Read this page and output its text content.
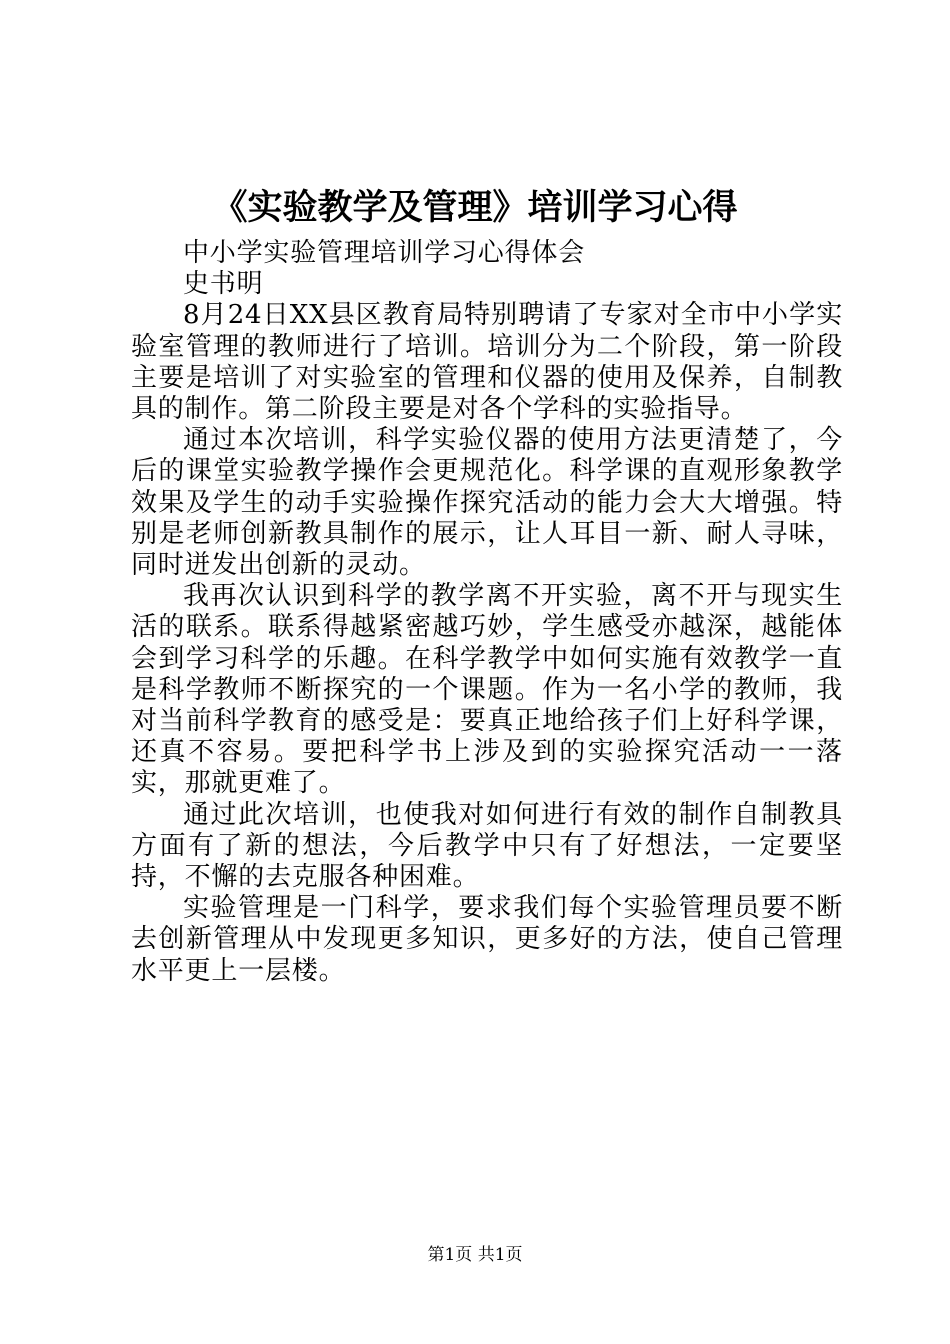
《实验教学及管理》培训学习心得

中小学实验管理培训学习心得体会

史书明

8月24日XX县区教育局特别聘请了专家对全市中小学实验室管理的教师进行了培训。培训分为二个阶段，第一阶段主要是培训了对实验室的管理和仪器的使用及保养，自制教具的制作。第二阶段主要是对各个学科的实验指导。

通过本次培训，科学实验仪器的使用方法更清楚了，今后的课堂实验教学操作会更规范化。科学课的直观形象教学效果及学生的动手实验操作探究活动的能力会大大增强。特别是老师创新教具制作的展示，让人耳目一新、耐人寻味，同时迸发出创新的灵动。

我再次认识到科学的教学离不开实验，离不开与现实生活的联系。联系得越紧密越巧妙，学生感受亦越深，越能体会到学习科学的乐趣。在科学教学中如何实施有效教学一直是科学教师不断探究的一个课题。作为一名小学的教师，我对当前科学教育的感受是：要真正地给孩子们上好科学课，还真不容易。要把科学书上涉及到的实验探究活动一一落实，那就更难了。

通过此次培训，也使我对如何进行有效的制作自制教具方面有了新的想法，今后教学中只有了好想法，一定要坚持，不懈的去克服各种困难。

实验管理是一门科学，要求我们每个实验管理员要不断去创新管理从中发现更多知识，更多好的方法，使自己管理水平更上一层楼。

第1页 共1页
